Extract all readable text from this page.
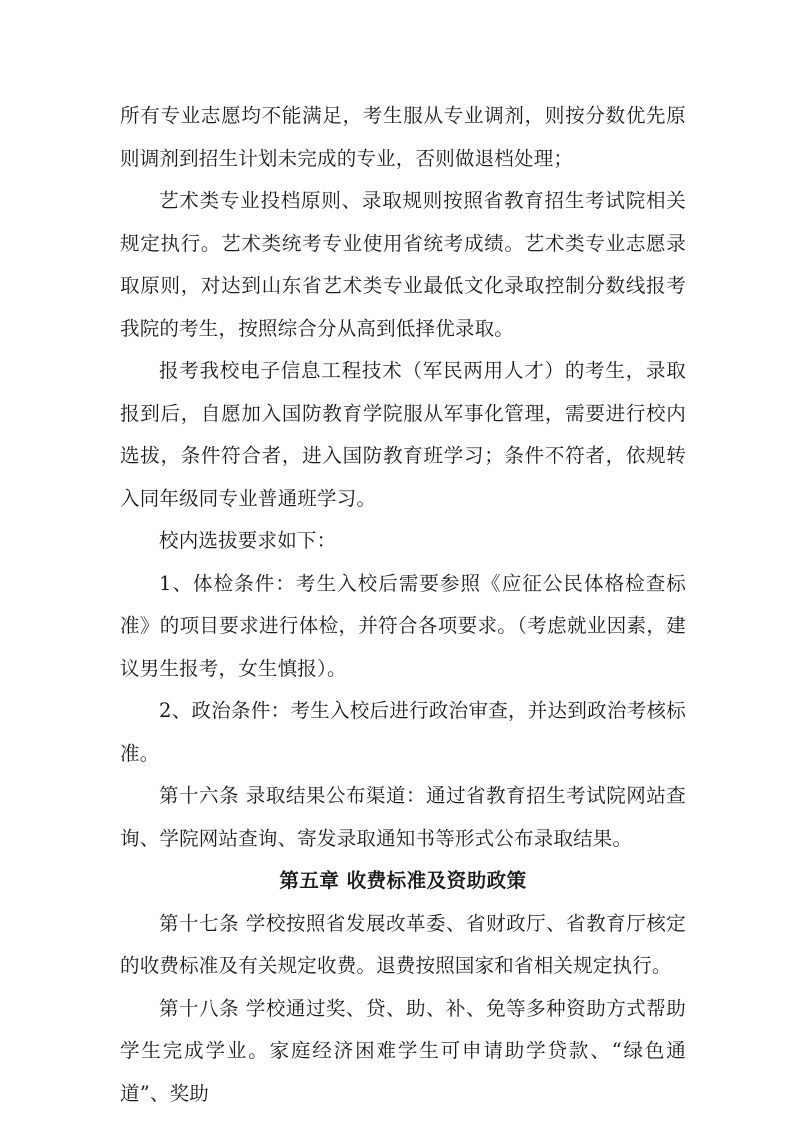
所有专业志愿均不能满足，考生服从专业调剂，则按分数优先原则调剂到招生计划未完成的专业，否则做退档处理；

艺术类专业投档原则、录取规则按照省教育招生考试院相关规定执行。艺术类统考专业使用省统考成绩。艺术类专业志愿录取原则，对达到山东省艺术类专业最低文化录取控制分数线报考我院的考生，按照综合分从高到低择优录取。

报考我校电子信息工程技术（军民两用人才）的考生，录取报到后，自愿加入国防教育学院服从军事化管理，需要进行校内选拔，条件符合者，进入国防教育班学习；条件不符者，依规转入同年级同专业普通班学习。

校内选拔要求如下：

1、体检条件：考生入校后需要参照《应征公民体格检查标准》的项目要求进行体检，并符合各项要求。（考虑就业因素，建议男生报考，女生慎报）。

2、政治条件：考生入校后进行政治审查，并达到政治考核标准。

第十六条 录取结果公布渠道：通过省教育招生考试院网站查询、学院网站查询、寄发录取通知书等形式公布录取结果。

第五章 收费标准及资助政策

第十七条 学校按照省发展改革委、省财政厅、省教育厅核定的收费标准及有关规定收费。退费按照国家和省相关规定执行。

第十八条 学校通过奖、贷、助、补、免等多种资助方式帮助学生完成学业。家庭经济困难学生可申请助学贷款、“绿色通道”、奖助
